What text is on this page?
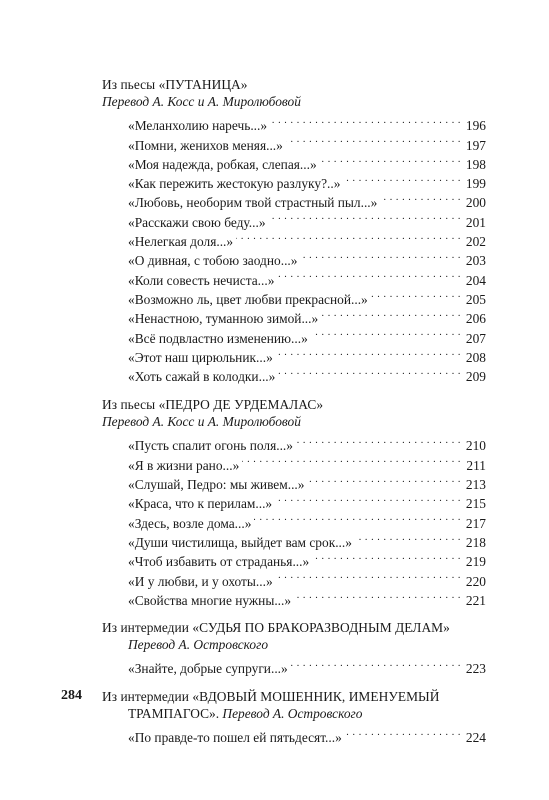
Из пьесы «ПУТАНИЦА»
Перевод А. Косс и А. Миролюбовой
«Меланхолию наречь...» . . .	196
«Помни, женихов меняя...» . . .	197
«Моя надежда, робкая, слепая...» . . .	198
«Как пережить жестокую разлуку?..» . . .	199
«Любовь, необорим твой страстный пыл...» . . .	200
«Расскажи свою беду...» . . .	201
«Нелегкая доля...» . . .	202
«О дивная, с тобою заодно...» . . .	203
«Коли совесть нечиста...» . . .	204
«Возможно ль, цвет любви прекрасной...» . . .	205
«Ненастною, туманною зимой...» . . .	206
«Всё подвластно изменению...» . . .	207
«Этот наш цирюльник...» . . .	208
«Хоть сажай в колодки...» . . .	209
Из пьесы «ПЕДРО ДЕ УРДЕМАЛАС»
Перевод А. Косс и А. Миролюбовой
«Пусть спалит огонь поля...» . . .	210
«Я в жизни рано...» . . .	211
«Слушай, Педро: мы живем...» . . .	213
«Краса, что к перилам...» . . .	215
«Здесь, возле дома...» . . .	217
«Души чистилища, выйдет вам срок...» . . .	218
«Чтоб избавить от страданья...» . . .	219
«И у любви, и у охоты...» . . .	220
«Свойства многие нужны...» . . .	221
Из интермедии «СУДЬЯ ПО БРАКОРАЗВОДНЫМ ДЕЛАМ»
Перевод А. Островского
«Знайте, добрые супруги...» . . .	223
Из интермедии «ВДОВЫЙ МОШЕННИК, ИМЕНУЕМЫЙ
ТРАМПАГОС». Перевод А. Островского
«По правде-то пошел ей пятьдесят...» . . .	224
284
